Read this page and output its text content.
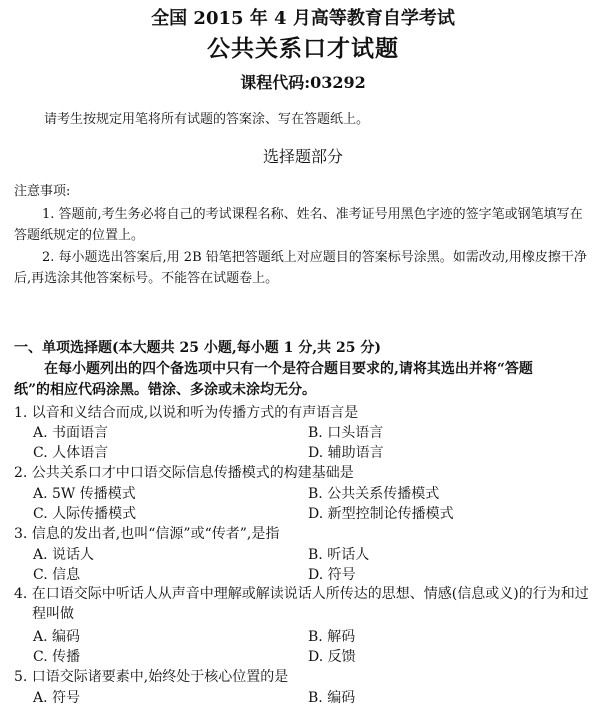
全国 2015 年 4 月高等教育自学考试
公共关系口才试题
课程代码:03292
请考生按规定用笔将所有试题的答案涂、写在答题纸上。
选择题部分
注意事项:
1. 答题前,考生务必将自己的考试课程名称、姓名、准考证号用黑色字迹的签字笔或钢笔填写在答题纸规定的位置上。
2. 每小题选出答案后,用 2B 铅笔把答题纸上对应题目的答案标号涂黑。如需改动,用橡皮擦干净后,再选涂其他答案标号。不能答在试题卷上。
一、单项选择题(本大题共 25 小题,每小题 1 分,共 25 分)
在每小题列出的四个备选项中只有一个是符合题目要求的,请将其选出并将“答题纸”的相应代码涂黑。错涂、多涂或未涂均无分。
1. 以音和义结合而成,以说和听为传播方式的有声语言是
A. 书面语言	B. 口头语言
C. 人体语言	D. 辅助语言
2. 公共关系口才中口语交际信息传播模式的构建基础是
A. 5W 传播模式	B. 公共关系传播模式
C. 人际传播模式	D. 新型控制论传播模式
3. 信息的发出者,也叫“信源”或“传者”,是指
A. 说话人	B. 听话人
C. 信息	D. 符号
4. 在口语交际中听话人从声音中理解或解读说话人所传达的思想、情感(信息或义)的行为和过程叫做
A. 编码	B. 解码
C. 传播	D. 反馈
5. 口语交际诸要素中,始终处于核心位置的是
A. 符号	B. 编码
